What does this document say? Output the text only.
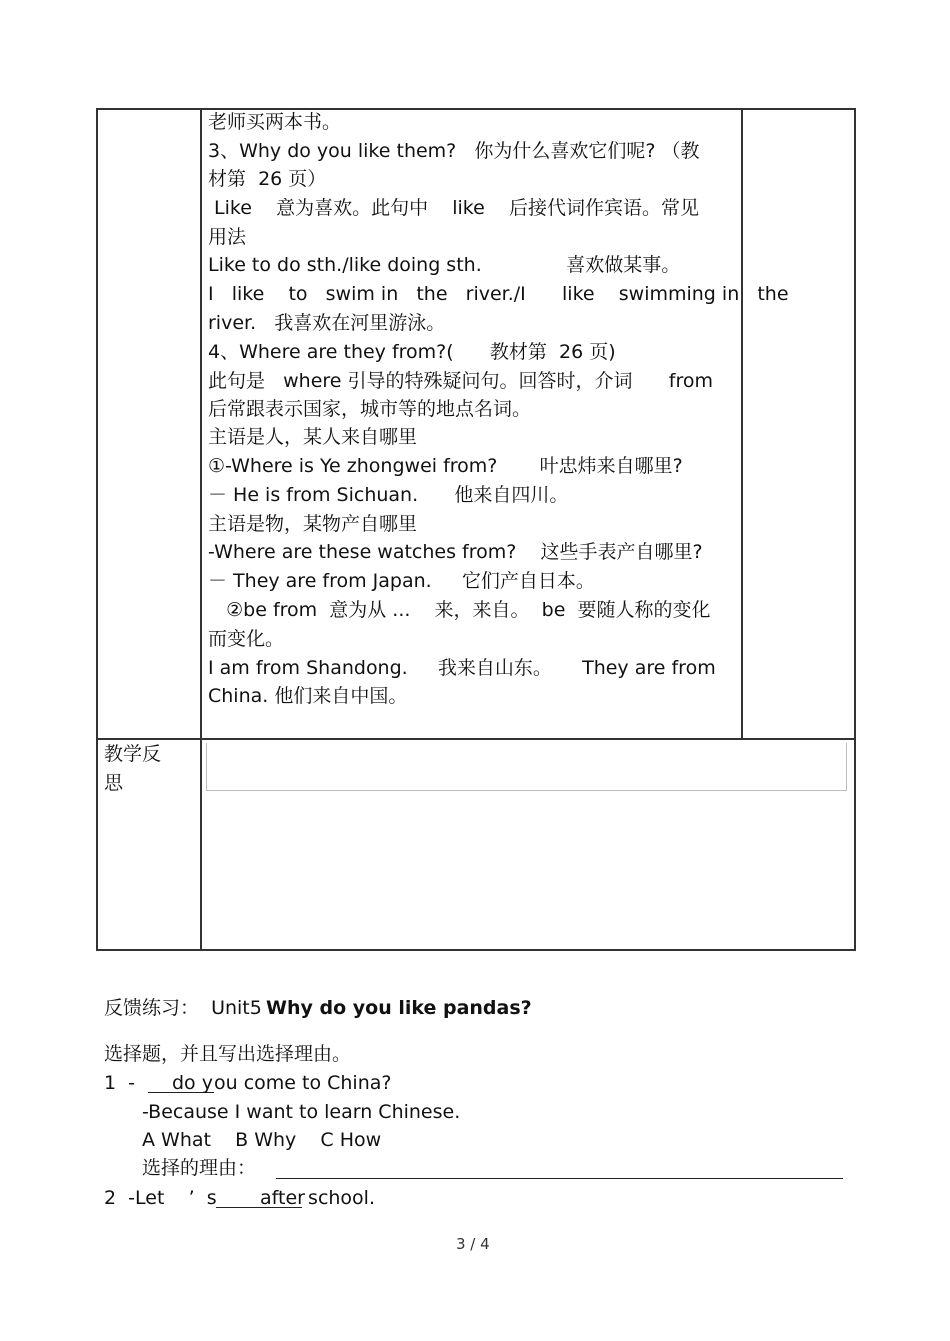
老师买两本书。
3、Why do you like them?   你为什么喜欢它们呢? （教
材第  26 页）
Like    意为喜欢。此句中    like    后接代词作宾语。常见
用法
Like to do sth./like doing sth.              喜欢做某事。
I   like    to   swim in   the   river./I      like    swimming in   the
river.   我喜欢在河里游泳。
4、Where are they from?(      教材第  26 页)
此句是   where 引导的特殊疑问句。回答时，介词      from
后常跟表示国家，城市等的地点名词。
主语是人，某人来自哪里
①-Where is Ye zhongwei from?       叶忠炜来自哪里?
－ He is from Sichuan.      他来自四川。
主语是物，某物产自哪里
-Where are these watches from?    这些手表产自哪里?
－ They are from Japan.     它们产自日本。
②be from  意为从 ...    来，来自。  be  要随人称的变化
而变化。
I am from Shandong.     我来自山东。     They are from
China. 他们来自中国。
教学反
思
反馈练习：  Unit5 Why do you like pandas?
选择题，并且写出选择理由。
1  - do y ou come to China?
-Because I want to learn Chinese.
A What    B Why    C How
选择的理由：
2  -Let    ’  s after
school.
3 / 4
